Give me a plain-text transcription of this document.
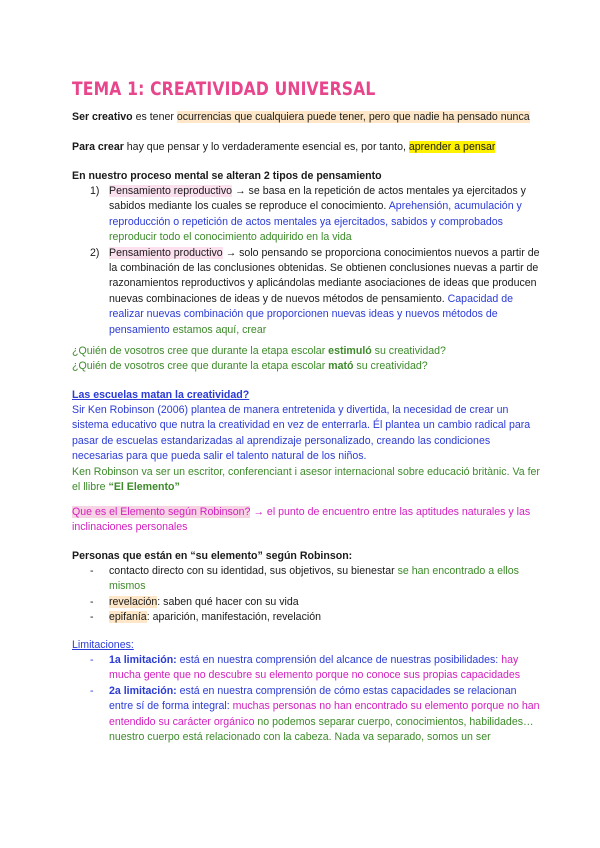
TEMA 1: CREATIVIDAD UNIVERSAL

Ser creativo es tener ocurrencias que cualquiera puede tener, pero que nadie ha pensado nunca

Para crear hay que pensar y lo verdaderamente esencial es, por tanto, aprender a pensar

En nuestro proceso mental se alteran 2 tipos de pensamiento

1) Pensamiento reproductivo → se basa en la repetición de actos mentales ya ejercitados y sabidos mediante los cuales se reproduce el conocimiento. Aprehensión, acumulación y reproducción o repetición de actos mentales ya ejercitados, sabidos y comprobados reproducir todo el conocimiento adquirido en la vida
2) Pensamiento productivo → solo pensando se proporciona conocimientos nuevos a partir de la combinación de las conclusiones obtenidas. Se obtienen conclusiones nuevas a partir de razonamientos reproductivos y aplicándolas mediante asociaciones de ideas que producen nuevas combinaciones de ideas y de nuevos métodos de pensamiento. Capacidad de realizar nuevas combinación que proporcionen nuevas ideas y nuevos métodos de pensamiento estamos aquí, crear

¿Quién de vosotros cree que durante la etapa escolar estimuló su creatividad?

¿Quién de vosotros cree que durante la etapa escolar mató su creatividad?

Las escuelas matan la creatividad?

Sir Ken Robinson (2006) plantea de manera entretenida y divertida, la necesidad de crear un sistema educativo que nutra la creatividad en vez de enterrarla. Él plantea un cambio radical para pasar de escuelas estandarizadas al aprendizaje personalizado, creando las condiciones necesarias para que pueda salir el talento natural de los niños.

Ken Robinson va ser un escritor, conferenciant i asesor internacional sobre educació britànic. Va fer el llibre “El Elemento”

Que es el Elemento según Robinson? → el punto de encuentro entre las aptitudes naturales y las inclinaciones personales

Personas que están en “su elemento” según Robinson:

- contacto directo con su identidad, sus objetivos, su bienestar se han encontrado a ellos mismos
- revelación: saben qué hacer con su vida
- epifanía: aparición, manifestación, revelación

Limitaciones:

- 1a limitación: está en nuestra comprensión del alcance de nuestras posibilidades: hay mucha gente que no descubre su elemento porque no conoce sus propias capacidades
- 2a limitación: está en nuestra comprensión de cómo estas capacidades se relacionan entre sí de forma integral: muchas personas no han encontrado su elemento porque no han entendido su carácter orgánico no podemos separar cuerpo, conocimientos, habilidades… nuestro cuerpo está relacionado con la cabeza. Nada va separado, somos un ser
